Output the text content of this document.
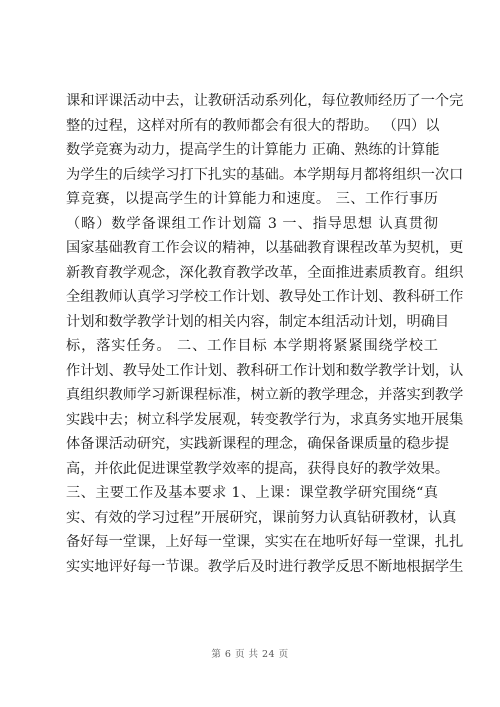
课和评课活动中去，让教研活动系列化，每位教师经历了一个完
整的过程，这样对所有的教师都会有很大的帮助。 （四）以
数学竞赛为动力，提高学生的计算能力 正确、熟练的计算能
为学生的后续学习打下扎实的基础。本学期每月都将组织一次口
算竞赛，以提高学生的计算能力和速度。 三、工作行事历
（略）数学备课组工作计划篇 3 一、指导思想 认真贯彻
国家基础教育工作会议的精神，以基础教育课程改革为契机，更
新教育教学观念，深化教育教学改革，全面推进素质教育。组织
全组教师认真学习学校工作计划、教导处工作计划、教科研工作
计划和数学教学计划的相关内容，制定本组活动计划，明确目
标，落实任务。 二、工作目标 本学期将紧紧围绕学校工
作计划、教导处工作计划、教科研工作计划和数学教学计划，认
真组织教师学习新课程标准，树立新的教学理念，并落实到教学
实践中去；树立科学发展观，转变教学行为，求真务实地开展集
体备课活动研究，实践新课程的理念，确保备课质量的稳步提
高，并依此促进课堂教学效率的提高，获得良好的教学效果。
三、主要工作及基本要求 1、上课：课堂教学研究围绕“真
实、有效的学习过程”开展研究，课前努力认真钻研教材，认真
备好每一堂课，上好每一堂课，实实在在地听好每一堂课，扎扎
实实地评好每一节课。教学后及时进行教学反思不断地根据学生
第 6 页 共 24 页
